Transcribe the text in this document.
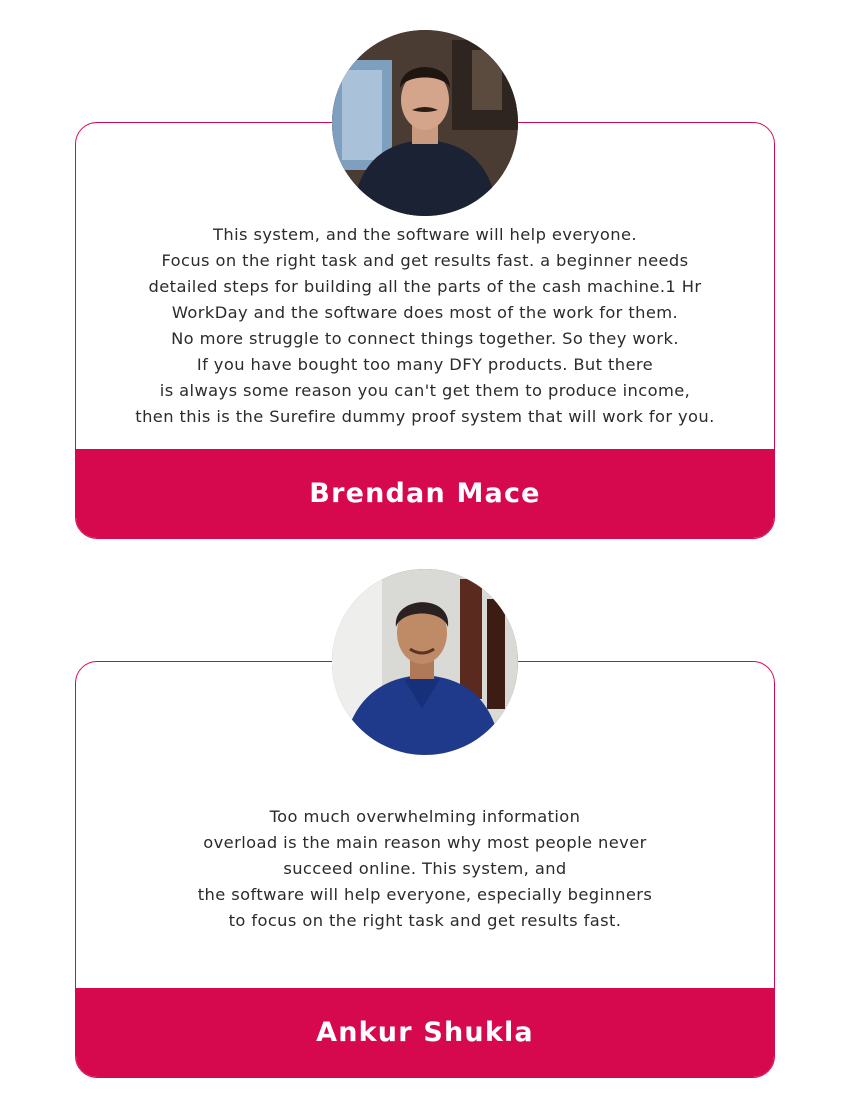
This system, and the software will help everyone.
Focus on the right task and get results fast. a beginner needs
detailed steps for building all the parts of the cash machine.1 Hr
WorkDay and the software does most of the work for them.
No more struggle to connect things together. So they work.
If you have bought too many DFY products. But there
is always some reason you can't get them to produce income,
then this is the Surefire dummy proof system that will work for you.

Brendan Mace

Too much overwhelming information
overload is the main reason why most people never
succeed online. This system, and
the software will help everyone, especially beginners
to focus on the right task and get results fast.

Ankur Shukla
